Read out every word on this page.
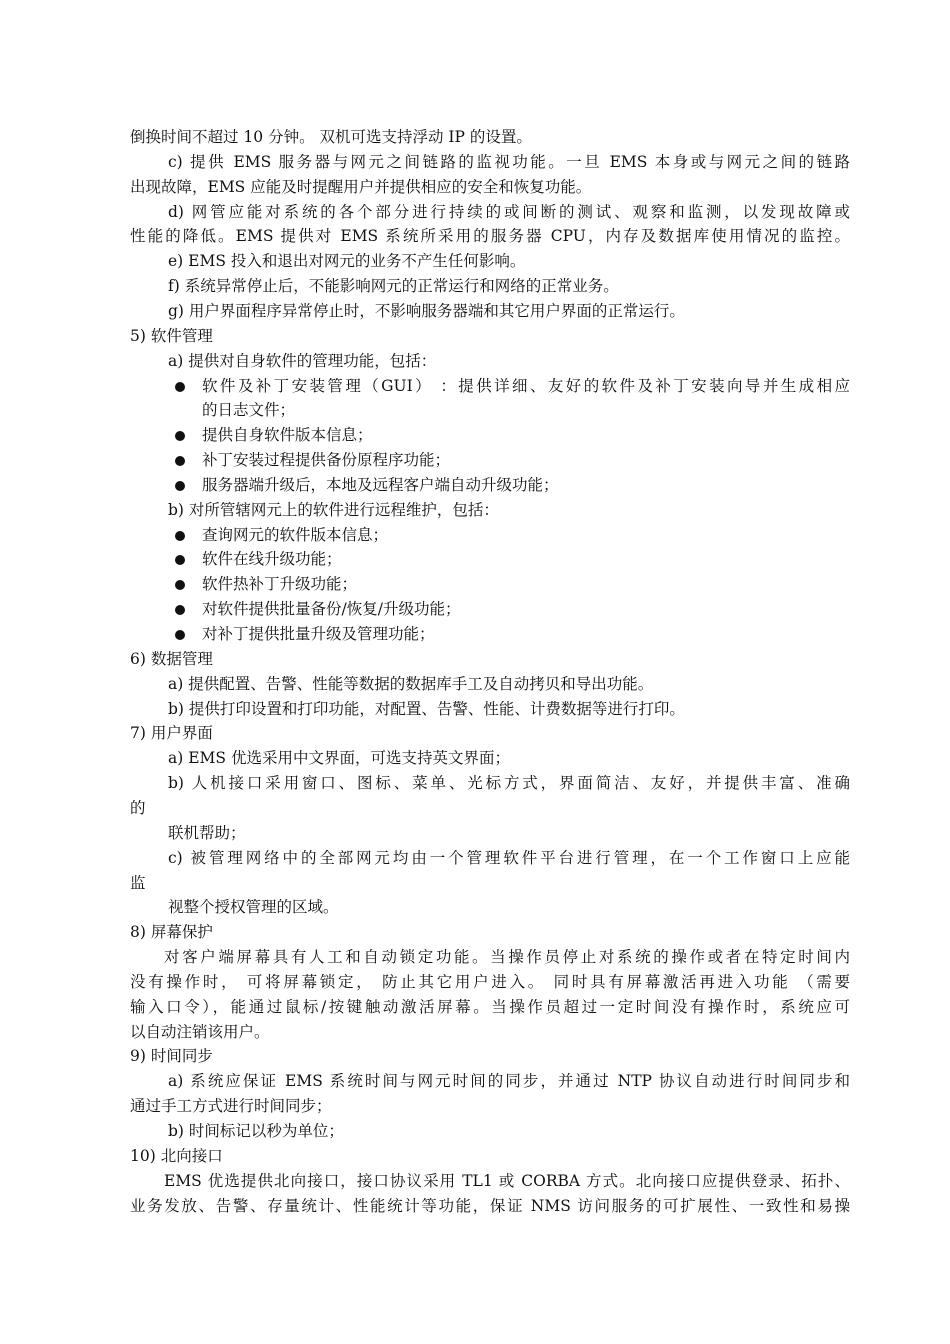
倒换时间不超过 10 分钟。 双机可选支持浮动 IP 的设置。
c) 提供 EMS 服务器与网元之间链路的监视功能。一旦 EMS 本身或与网元之间的链路
出现故障，EMS 应能及时提醒用户并提供相应的安全和恢复功能。
d) 网管应能对系统的各个部分进行持续的或间断的测试、观察和监测，以发现故障或
性能的降低。EMS 提供对 EMS 系统所采用的服务器 CPU，内存及数据库使用情况的监控。
e) EMS 投入和退出对网元的业务不产生任何影响。
f) 系统异常停止后，不能影响网元的正常运行和网络的正常业务。
g) 用户界面程序异常停止时，不影响服务器端和其它用户界面的正常运行。
5) 软件管理
a) 提供对自身软件的管理功能，包括：
软件及补丁安装管理（GUI） ：提供详细、友好的软件及补丁安装向导并生成相应
的日志文件；
提供自身软件版本信息；
补丁安装过程提供备份原程序功能；
服务器端升级后，本地及远程客户端自动升级功能；
b) 对所管辖网元上的软件进行远程维护，包括：
查询网元的软件版本信息；
软件在线升级功能；
软件热补丁升级功能；
对软件提供批量备份/恢复/升级功能；
对补丁提供批量升级及管理功能；
6) 数据管理
a) 提供配置、告警、性能等数据的数据库手工及自动拷贝和导出功能。
b) 提供打印设置和打印功能，对配置、告警、性能、计费数据等进行打印。
7) 用户界面
a) EMS 优选采用中文界面，可选支持英文界面；
b) 人机接口采用窗口、图标、菜单、光标方式，界面简洁、友好，并提供丰富、准确
的
联机帮助；
c) 被管理网络中的全部网元均由一个管理软件平台进行管理，在一个工作窗口上应能
监
视整个授权管理的区域。
8) 屏幕保护
对客户端屏幕具有人工和自动锁定功能。当操作员停止对系统的操作或者在特定时间内
没有操作时， 可将屏幕锁定， 防止其它用户进入。 同时具有屏幕激活再进入功能 （需要
输入口令），能通过鼠标/按键触动激活屏幕。当操作员超过一定时间没有操作时，系统应可
以自动注销该用户。
9) 时间同步
a) 系统应保证 EMS 系统时间与网元时间的同步，并通过 NTP 协议自动进行时间同步和
通过手工方式进行时间同步；
b) 时间标记以秒为单位；
10) 北向接口
EMS 优选提供北向接口，接口协议采用 TL1 或 CORBA 方式。北向接口应提供登录、拓扑、
业务发放、告警、存量统计、性能统计等功能，保证 NMS 访问服务的可扩展性、一致性和易操
